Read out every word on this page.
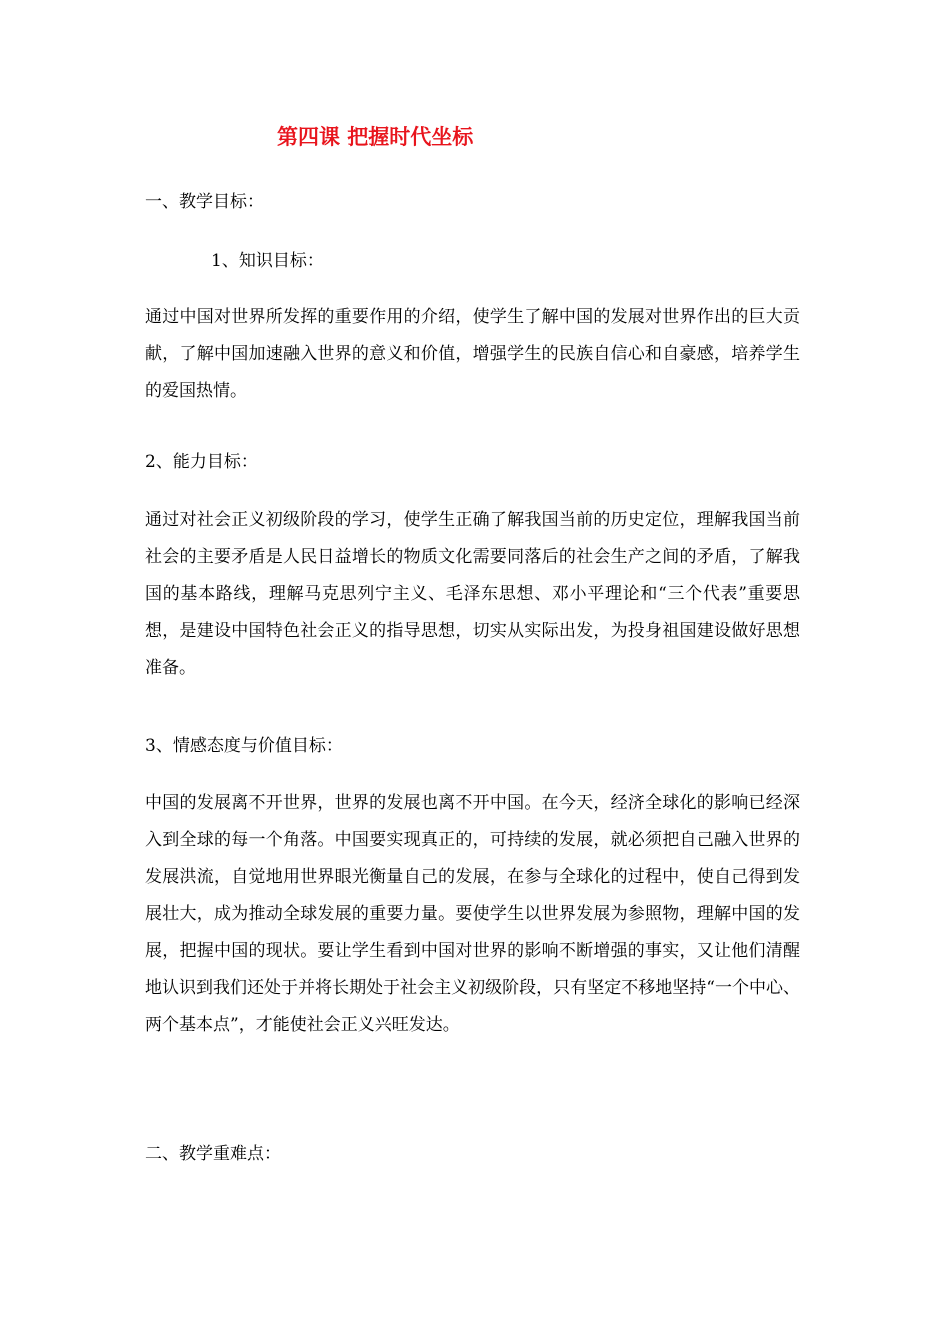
第四课 把握时代坐标

一、教学目标：

1、知识目标：

通过中国对世界所发挥的重要作用的介绍，使学生了解中国的发展对世界作出的巨大贡献，了解中国加速融入世界的意义和价值，增强学生的民族自信心和自豪感，培养学生的爱国热情。

2、能力目标：

通过对社会正义初级阶段的学习，使学生正确了解我国当前的历史定位，理解我国当前社会的主要矛盾是人民日益增长的物质文化需要同落后的社会生产之间的矛盾，了解我国的基本路线，理解马克思列宁主义、毛泽东思想、邓小平理论和“三个代表”重要思想，是建设中国特色社会正义的指导思想，切实从实际出发，为投身祖国建设做好思想准备。

3、情感态度与价值目标：

中国的发展离不开世界，世界的发展也离不开中国。在今天，经济全球化的影响已经深入到全球的每一个角落。中国要实现真正的，可持续的发展，就必须把自己融入世界的发展洪流，自觉地用世界眼光衡量自己的发展，在参与全球化的过程中，使自己得到发展壮大，成为推动全球发展的重要力量。要使学生以世界发展为参照物，理解中国的发展，把握中国的现状。要让学生看到中国对世界的影响不断增强的事实，又让他们清醒地认识到我们还处于并将长期处于社会主义初级阶段，只有坚定不移地坚持“一个中心、两个基本点”，才能使社会正义兴旺发达。

二、教学重难点：
